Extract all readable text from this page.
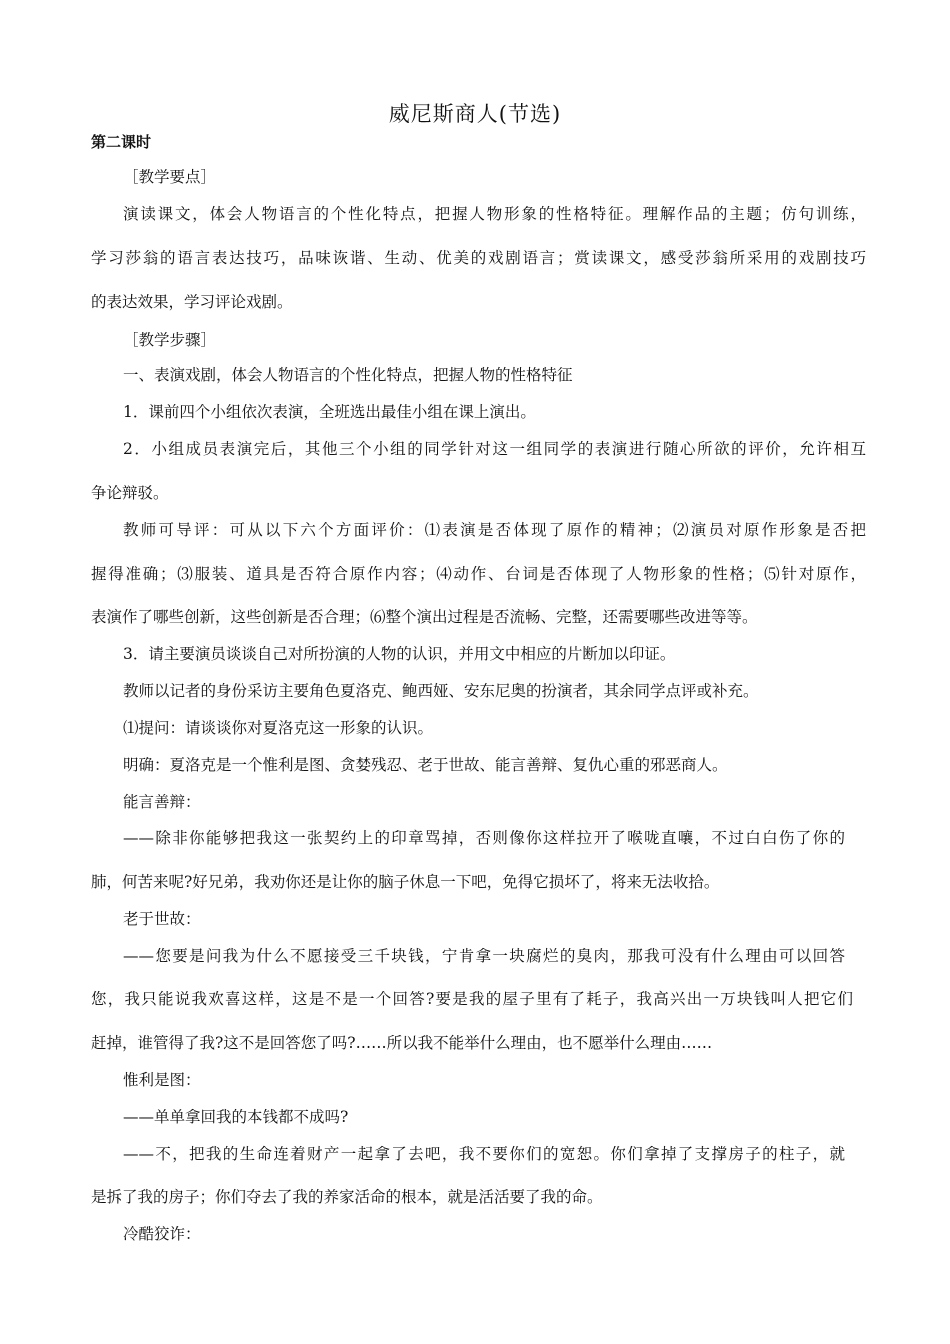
威尼斯商人(节选)
第二课时
［教学要点］
演读课文，体会人物语言的个性化特点，把握人物形象的性格特征。理解作品的主题；仿句训练，
学习莎翁的语言表达技巧，品味诙谐、生动、优美的戏剧语言；赏读课文，感受莎翁所采用的戏剧技巧
的表达效果，学习评论戏剧。
［教学步骤］
一、表演戏剧，体会人物语言的个性化特点，把握人物的性格特征
1．课前四个小组依次表演，全班选出最佳小组在课上演出。
2．小组成员表演完后，其他三个小组的同学针对这一组同学的表演进行随心所欲的评价，允许相互
争论辩驳。
教师可导评：可从以下六个方面评价：⑴表演是否体现了原作的精神；⑵演员对原作形象是否把
握得准确；⑶服装、道具是否符合原作内容；⑷动作、台词是否体现了人物形象的性格；⑸针对原作，
表演作了哪些创新，这些创新是否合理；⑹整个演出过程是否流畅、完整，还需要哪些改进等等。
3．请主要演员谈谈自己对所扮演的人物的认识，并用文中相应的片断加以印证。
教师以记者的身份采访主要角色夏洛克、鲍西娅、安东尼奥的扮演者，其余同学点评或补充。
⑴提问：请谈谈你对夏洛克这一形象的认识。
明确：夏洛克是一个惟利是图、贪婪残忍、老于世故、能言善辩、复仇心重的邪恶商人。
能言善辩：
——除非你能够把我这一张契约上的印章骂掉，否则像你这样拉开了喉咙直嚷，不过白白伤了你的
肺，何苦来呢?好兄弟，我劝你还是让你的脑子休息一下吧，免得它损坏了，将来无法收拾。
老于世故：
——您要是问我为什么不愿接受三千块钱，宁肯拿一块腐烂的臭肉，那我可没有什么理由可以回答
您，我只能说我欢喜这样，这是不是一个回答?要是我的屋子里有了耗子，我高兴出一万块钱叫人把它们
赶掉，谁管得了我?这不是回答您了吗?……所以我不能举什么理由，也不愿举什么理由……
惟利是图：
——单单拿回我的本钱都不成吗?
——不，把我的生命连着财产一起拿了去吧，我不要你们的宽恕。你们拿掉了支撑房子的柱子，就
是拆了我的房子；你们夺去了我的养家活命的根本，就是活活要了我的命。
冷酷狡诈：
